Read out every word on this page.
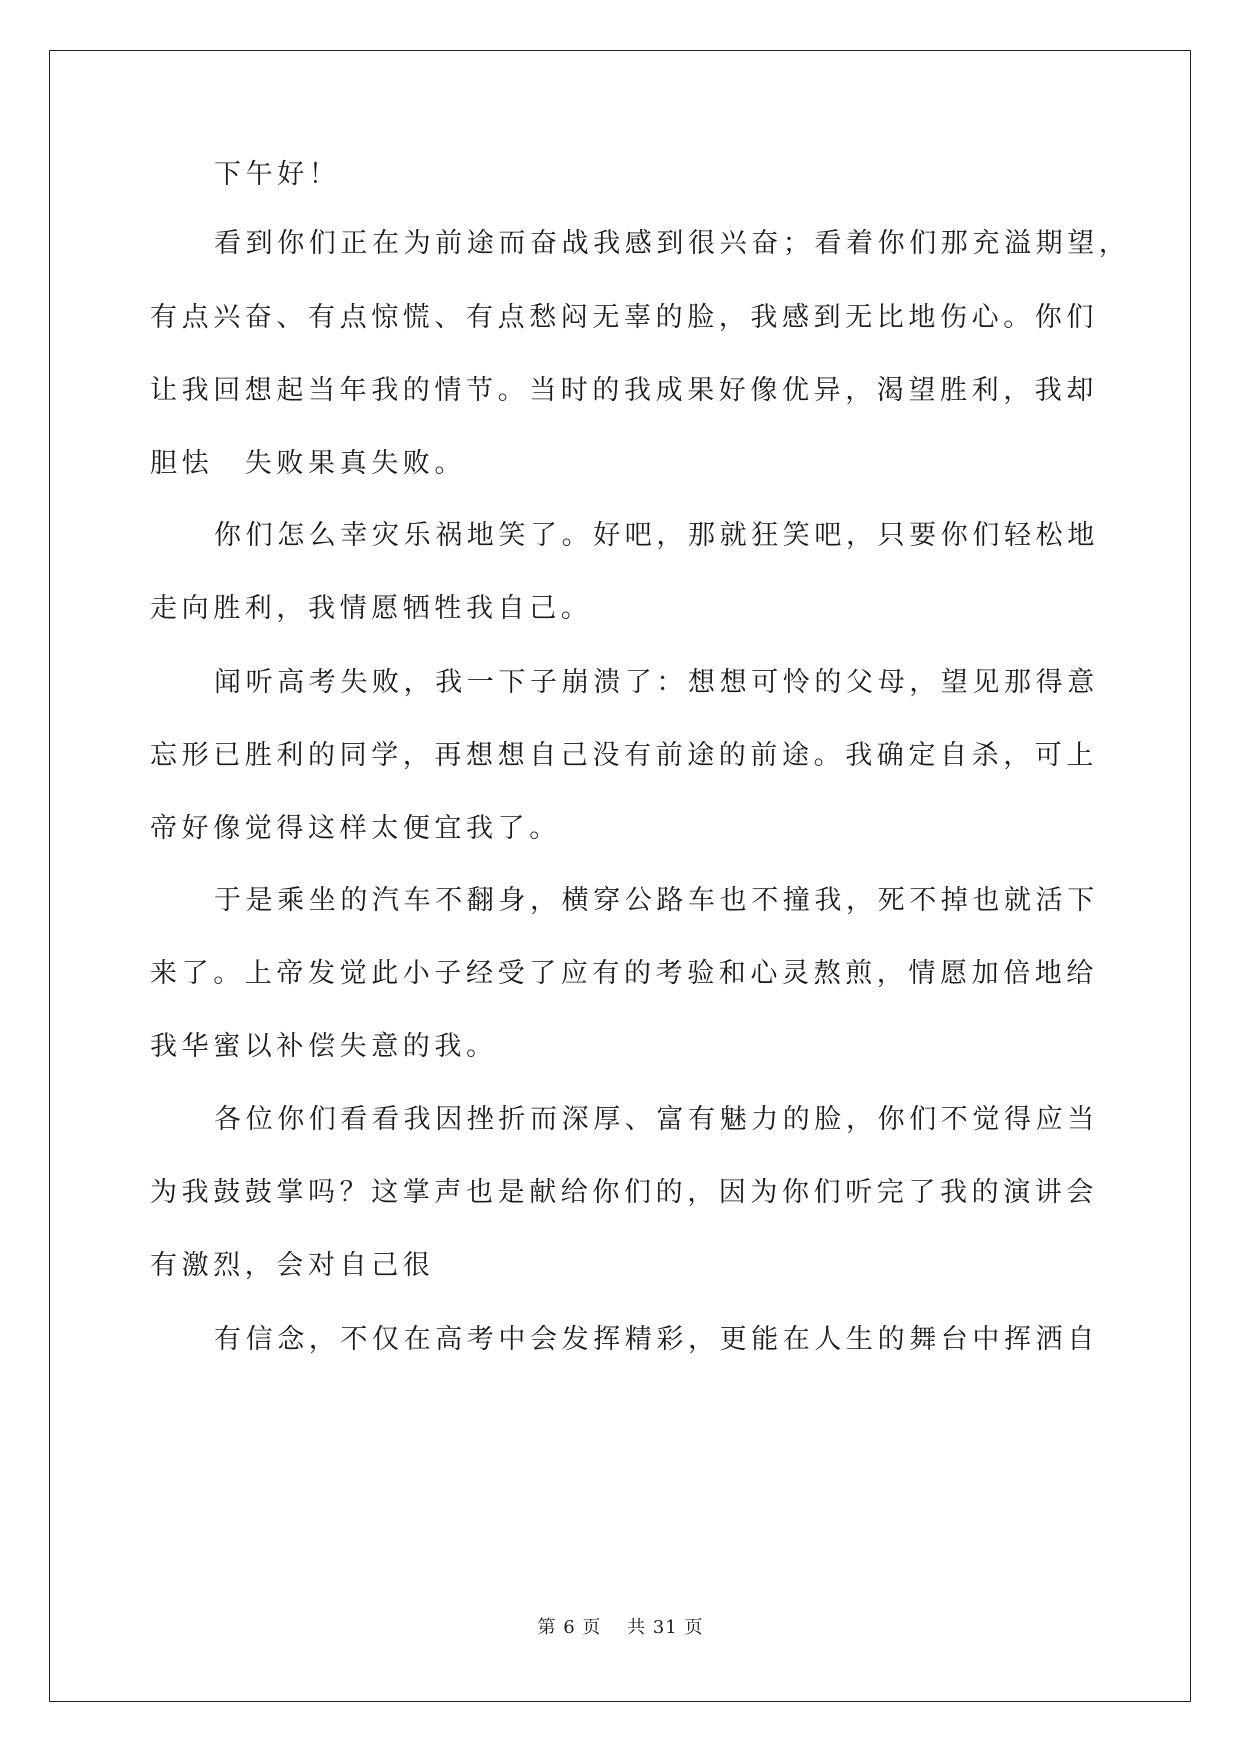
下午好！

看到你们正在为前途而奋战我感到很兴奋；看着你们那充溢期望，

有点兴奋、有点惊慌、有点愁闷无辜的脸，我感到无比地伤心。你们

让我回想起当年我的情节。当时的我成果好像优异，渴望胜利，我却

胆怯　失败果真失败。

你们怎么幸灾乐祸地笑了。好吧，那就狂笑吧，只要你们轻松地

走向胜利，我情愿牺牲我自己。

闻听高考失败，我一下子崩溃了：想想可怜的父母，望见那得意

忘形已胜利的同学，再想想自己没有前途的前途。我确定自杀，可上

帝好像觉得这样太便宜我了。

于是乘坐的汽车不翻身，横穿公路车也不撞我，死不掉也就活下

来了。上帝发觉此小子经受了应有的考验和心灵熬煎，情愿加倍地给

我华蜜以补偿失意的我。

各位你们看看我因挫折而深厚、富有魅力的脸，你们不觉得应当

为我鼓鼓掌吗？这掌声也是献给你们的，因为你们听完了我的演讲会

有激烈，会对自己很

有信念，不仅在高考中会发挥精彩，更能在人生的舞台中挥洒自

第 6 页　 共 31 页
